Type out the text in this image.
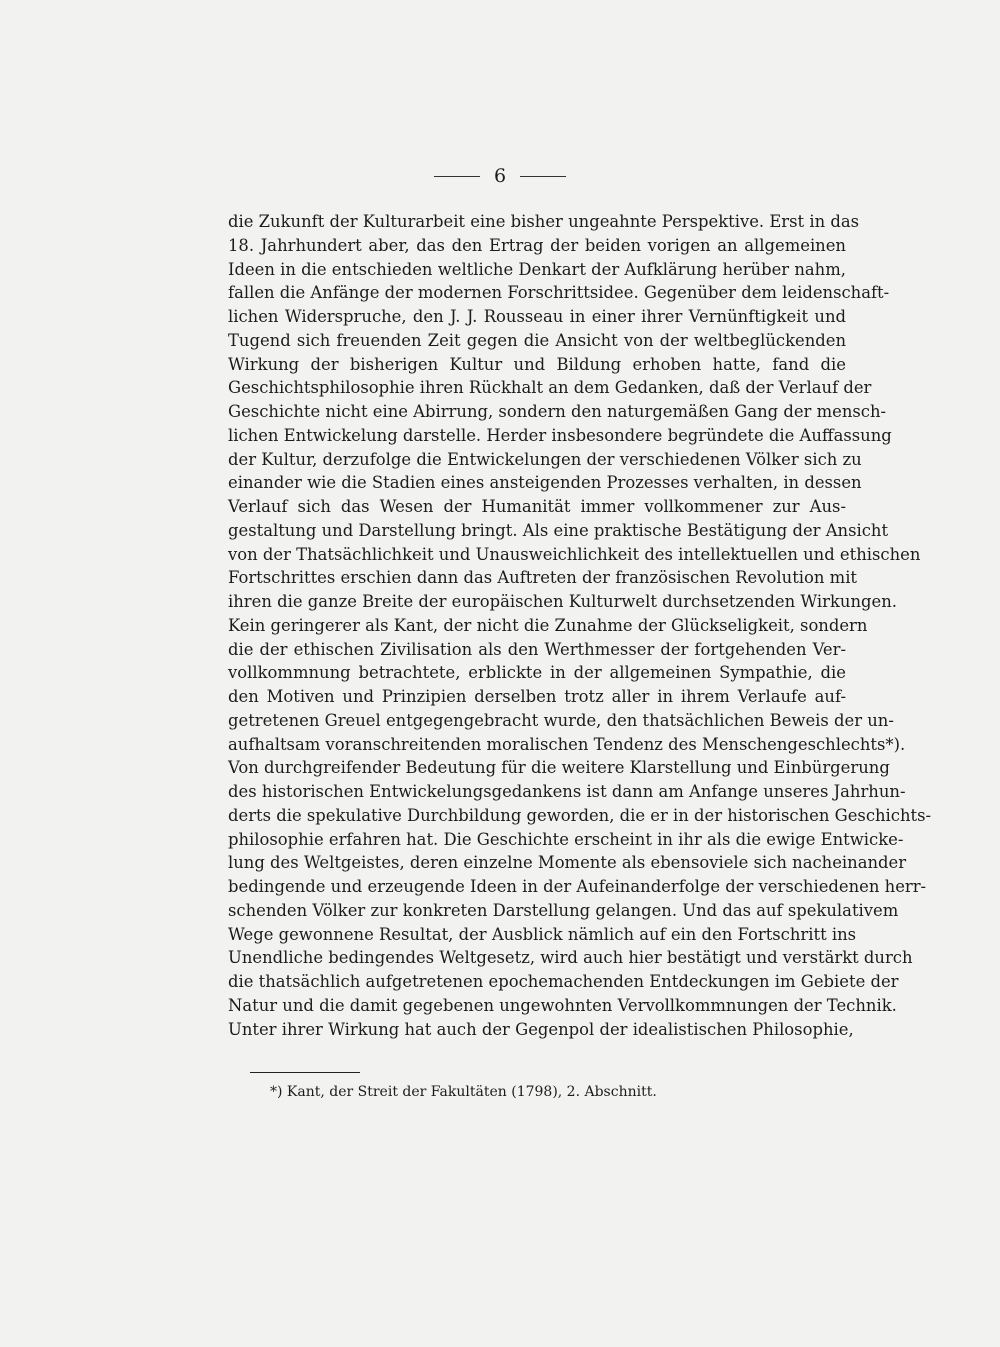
6
die Zukunft der Kulturarbeit eine bisher ungeahnte Perspektive. Erst in das
18. Jahrhundert aber, das den Ertrag der beiden vorigen an allgemeinen
Ideen in die entschieden weltliche Denkart der Aufklärung herüber nahm,
fallen die Anfänge der modernen Forschrittsidee. Gegenüber dem leidenschaft-
lichen Widerspruche, den J. J. Rousseau in einer ihrer Vernünftigkeit und
Tugend sich freuenden Zeit gegen die Ansicht von der weltbeglückenden
Wirkung der bisherigen Kultur und Bildung erhoben hatte, fand die
Geschichtsphilosophie ihren Rückhalt an dem Gedanken, daß der Verlauf der
Geschichte nicht eine Abirrung, sondern den naturgemäßen Gang der mensch-
lichen Entwickelung darstelle. Herder insbesondere begründete die Auffassung
der Kultur, derzufolge die Entwickelungen der verschiedenen Völker sich zu
einander wie die Stadien eines ansteigenden Prozesses verhalten, in dessen
Verlauf sich das Wesen der Humanität immer vollkommener zur Aus-
gestaltung und Darstellung bringt. Als eine praktische Bestätigung der Ansicht
von der Thatsächlichkeit und Unausweichlichkeit des intellektuellen und ethischen
Fortschrittes erschien dann das Auftreten der französischen Revolution mit
ihren die ganze Breite der europäischen Kulturwelt durchsetzenden Wirkungen.
Kein geringerer als Kant, der nicht die Zunahme der Glückseligkeit, sondern
die der ethischen Zivilisation als den Werthmesser der fortgehenden Ver-
vollkommnung betrachtete, erblickte in der allgemeinen Sympathie, die
den Motiven und Prinzipien derselben trotz aller in ihrem Verlaufe auf-
getretenen Greuel entgegengebracht wurde, den thatsächlichen Beweis der un-
aufhaltsam voranschreitenden moralischen Tendenz des Menschengeschlechts*).
Von durchgreifender Bedeutung für die weitere Klarstellung und Einbürgerung
des historischen Entwickelungsgedankens ist dann am Anfange unseres Jahrhun-
derts die spekulative Durchbildung geworden, die er in der historischen Geschichts-
philosophie erfahren hat. Die Geschichte erscheint in ihr als die ewige Entwicke-
lung des Weltgeistes, deren einzelne Momente als ebensoviele sich nacheinander
bedingende und erzeugende Ideen in der Aufeinanderfolge der verschiedenen herr-
schenden Völker zur konkreten Darstellung gelangen. Und das auf spekulativem
Wege gewonnene Resultat, der Ausblick nämlich auf ein den Fortschritt ins
Unendliche bedingendes Weltgesetz, wird auch hier bestätigt und verstärkt durch
die thatsächlich aufgetretenen epochemachenden Entdeckungen im Gebiete der
Natur und die damit gegebenen ungewohnten Vervollkommnungen der Technik.
Unter ihrer Wirkung hat auch der Gegenpol der idealistischen Philosophie,
*) Kant, der Streit der Fakultäten (1798), 2. Abschnitt.
